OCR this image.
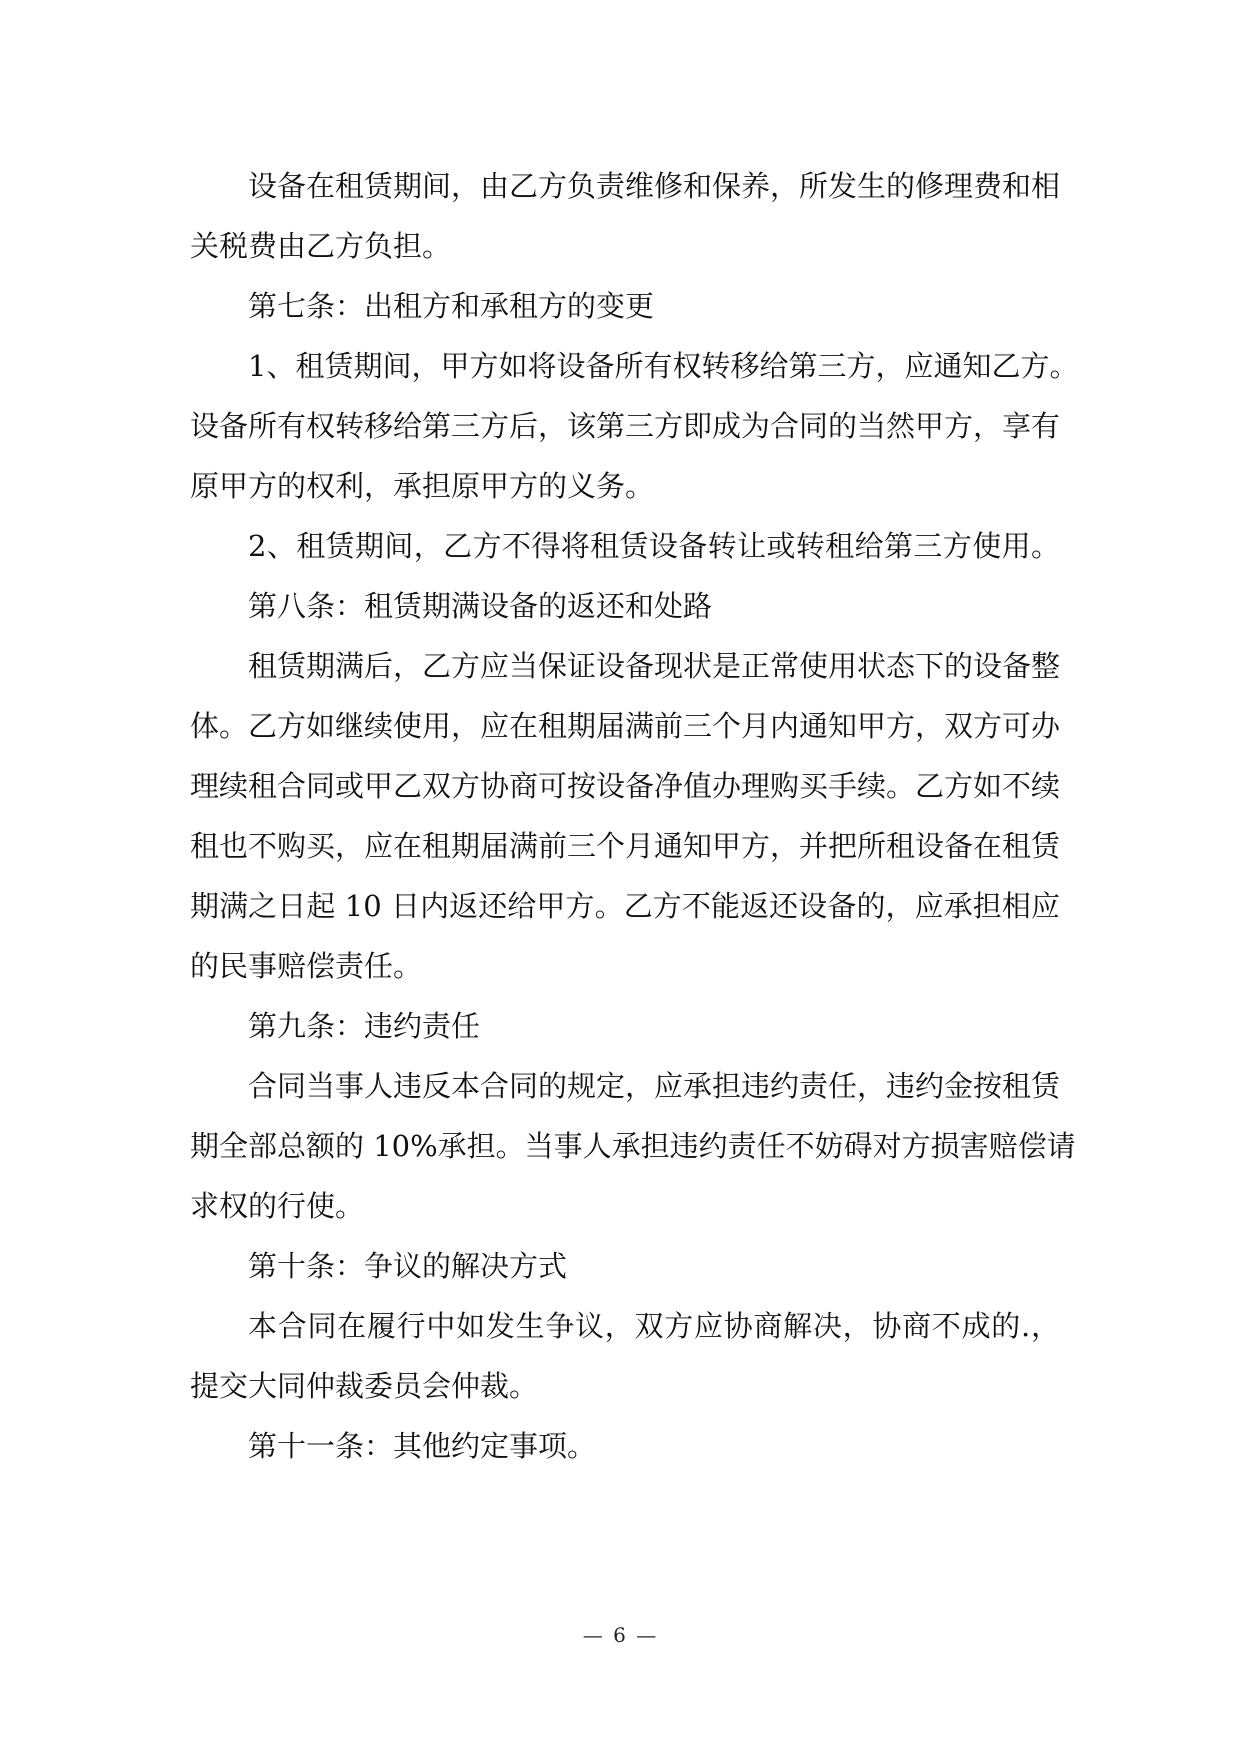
设备在租赁期间，由乙方负责维修和保养，所发生的修理费和相
关税费由乙方负担。
第七条：出租方和承租方的变更
1、租赁期间，甲方如将设备所有权转移给第三方，应通知乙方。
设备所有权转移给第三方后，该第三方即成为合同的当然甲方，享有
原甲方的权利，承担原甲方的义务。
2、租赁期间，乙方不得将租赁设备转让或转租给第三方使用。
第八条：租赁期满设备的返还和处路
租赁期满后，乙方应当保证设备现状是正常使用状态下的设备整
体。乙方如继续使用，应在租期届满前三个月内通知甲方，双方可办
理续租合同或甲乙双方协商可按设备净值办理购买手续。乙方如不续
租也不购买，应在租期届满前三个月通知甲方，并把所租设备在租赁
期满之日起 10 日内返还给甲方。乙方不能返还设备的，应承担相应
的民事赔偿责任。
第九条：违约责任
合同当事人违反本合同的规定，应承担违约责任，违约金按租赁
期全部总额的 10%承担。当事人承担违约责任不妨碍对方损害赔偿请
求权的行使。
第十条：争议的解决方式
本合同在履行中如发生争议，双方应协商解决，协商不成的.，
提交大同仲裁委员会仲裁。
第十一条：其他约定事项。
— 6 —
